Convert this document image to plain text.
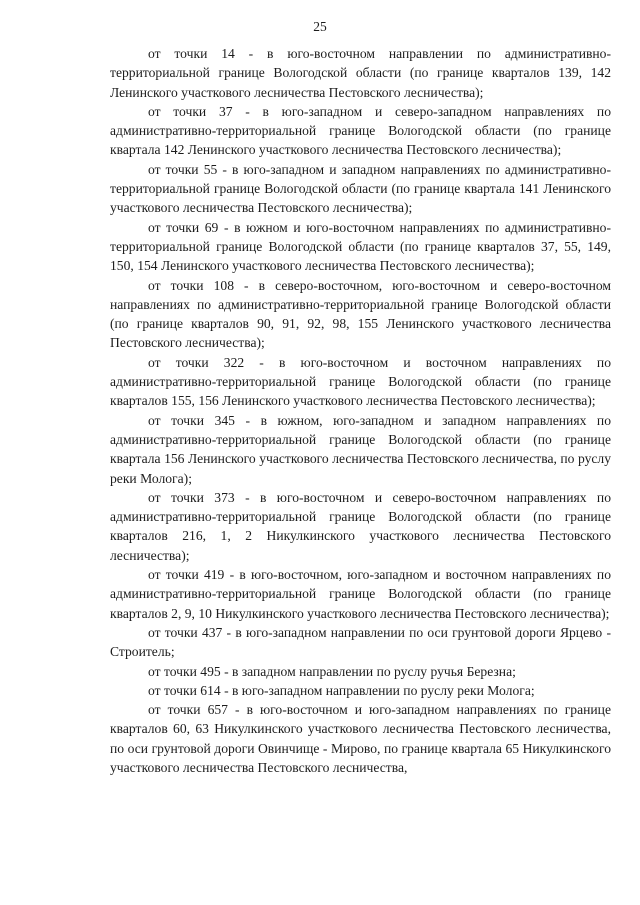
25

от точки 14 - в юго-восточном направлении по административно-территориальной границе Вологодской области (по границе кварталов 139, 142 Ленинского участкового лесничества Пестовского лесничества);

от точки 37 - в юго-западном и северо-западном направлениях по административно-территориальной границе Вологодской области (по границе квартала 142 Ленинского участкового лесничества Пестовского лесничества);

от точки 55 - в юго-западном и западном направлениях по административно-территориальной границе Вологодской области (по границе квартала 141 Ленинского участкового лесничества Пестовского лесничества);

от точки 69 - в южном и юго-восточном направлениях по административно-территориальной границе Вологодской области (по границе кварталов 37, 55, 149, 150, 154 Ленинского участкового лесничества Пестовского лесничества);

от точки 108 - в северо-восточном, юго-восточном и северо-восточном направлениях по административно-территориальной границе Вологодской области (по границе кварталов 90, 91, 92, 98, 155 Ленинского участкового лесничества Пестовского лесничества);

от точки 322 - в юго-восточном и восточном направлениях по административно-территориальной границе Вологодской области (по границе кварталов 155, 156 Ленинского участкового лесничества Пестовского лесничества);

от точки 345 - в южном, юго-западном и западном направлениях по административно-территориальной границе Вологодской области (по границе квартала 156 Ленинского участкового лесничества Пестовского лесничества, по руслу реки Молога);

от точки 373 - в юго-восточном и северо-восточном направлениях по административно-территориальной границе Вологодской области (по границе кварталов 216, 1, 2 Никулкинского участкового лесничества Пестовского лесничества);

от точки 419 - в юго-восточном, юго-западном и восточном направлениях по административно-территориальной границе Вологодской области (по границе кварталов 2, 9, 10 Никулкинского участкового лесничества Пестовского лесничества);

от точки 437 - в юго-западном направлении по оси грунтовой дороги Ярцево - Строитель;

от точки 495 - в западном направлении по руслу ручья Березна;

от точки 614 - в юго-западном направлении по руслу реки Молога;

от точки 657 - в юго-восточном и юго-западном направлениях по границе кварталов 60, 63 Никулкинского участкового лесничества Пестовского лесничества, по оси грунтовой дороги Овинчище - Мирово, по границе квартала 65 Никулкинского участкового лесничества Пестовского лесничества,
